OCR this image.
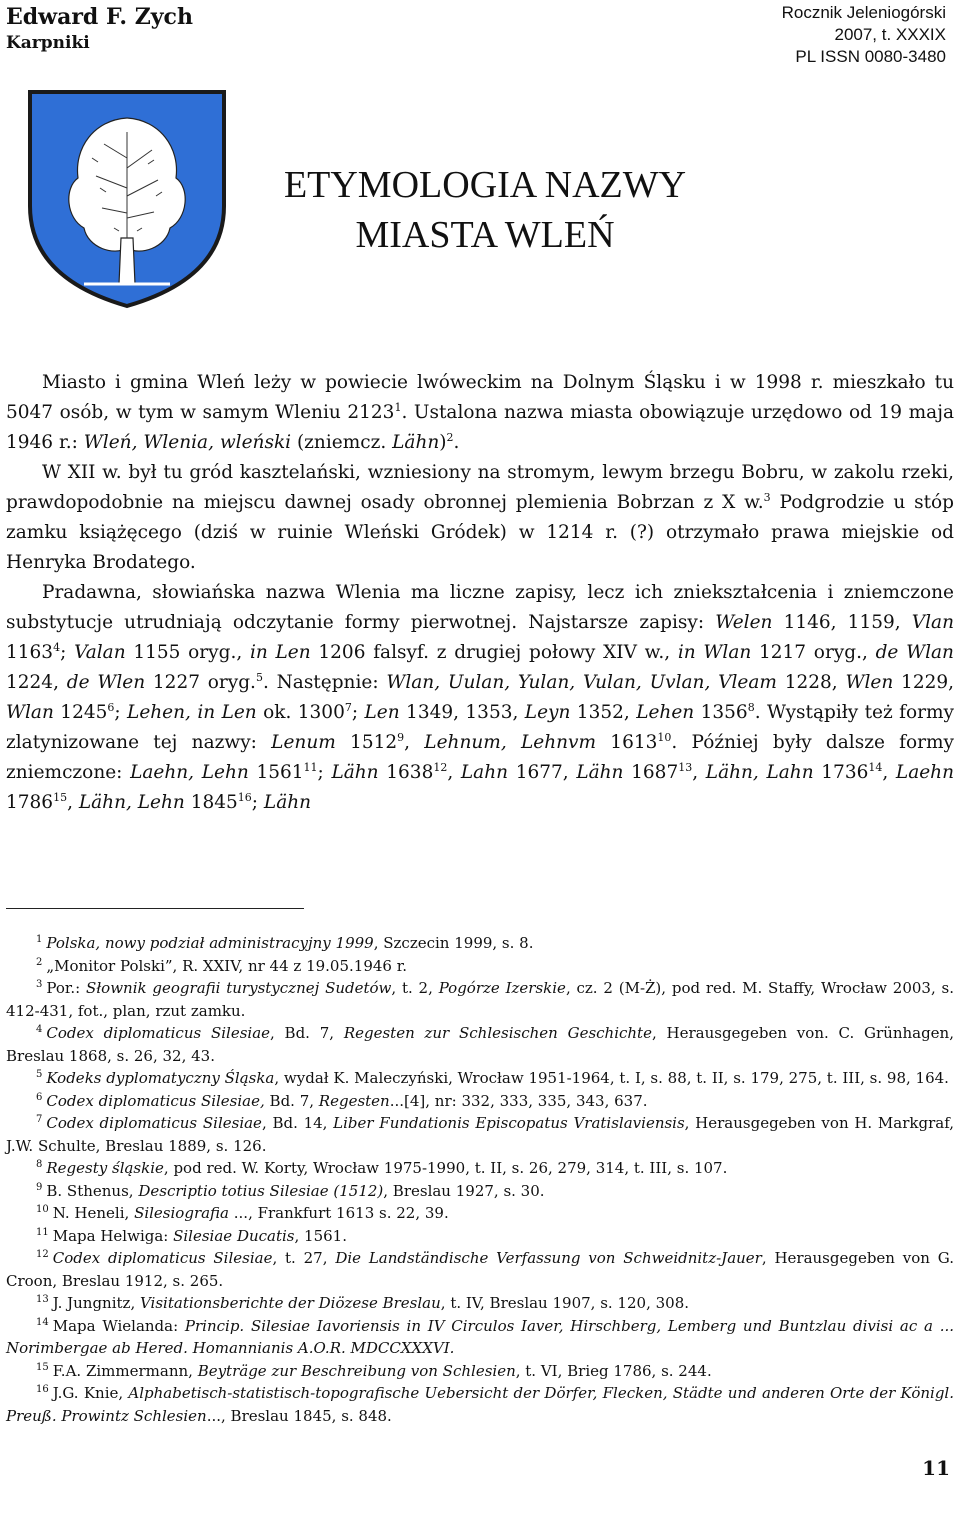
Edward F. Zych
Karpniki
Rocznik Jeleniogórski
2007, t. XXXIX
PL ISSN 0080-3480
ETYMOLOGIA NAZWY
MIASTA WLEŃ

Miasto i gmina Wleń leży w powiecie lwóweckim na Dolnym Śląsku i w 1998 r. mieszkało tu 5047 osób, w tym w samym Wleniu 2123$^1$. Ustalona nazwa miasta obowiązuje urzędowo od 19 maja 1946 r.: Wleń, Wlenia, wleński (zniemcz. Lähn)$^2$.

W XII w. był tu gród kasztelański, wzniesiony na stromym, lewym brzegu Bobru, w zakolu rzeki, prawdopodobnie na miejscu dawnej osady obronnej plemienia Bobrzan z X w.$^3$ Podgrodzie u stóp zamku książęcego (dziś w ruinie Wleński Gródek) w 1214 r. (?) otrzymało prawa miejskie od Henryka Brodatego.

Pradawna, słowiańska nazwa Wlenia ma liczne zapisy, lecz ich zniekształcenia i zniemczone substytucje utrudniają odczytanie formy pierwotnej. Najstarsze zapisy: Welen 1146, 1159, Vlan 1163$^4$; Valan 1155 oryg., in Len 1206 falsyf. z drugiej połowy XIV w., in Wlan 1217 oryg., de Wlan 1224, de Wlen 1227 oryg.$^5$. Następnie: Wlan, Uulan, Yulan, Vulan, Uvlan, Vleam 1228, Wlen 1229, Wlan 1245$^6$; Lehen, in Len ok. 1300$^7$; Len 1349, 1353, Leyn 1352, Lehen 1356$^8$. Wystąpiły też formy zlatynizowane tej nazwy: Lenum 1512$^9$, Lehnum, Lehnvm 1613$^{10}$. Później były dalsze formy zniemczone: Laehn, Lehn 1561$^{11}$; Lähn 1638$^{12}$, Lahn 1677, Lähn 1687$^{13}$, Lähn, Lahn 1736$^{14}$, Laehn 1786$^{15}$, Lähn, Lehn 1845$^{16}$; Lähn

$^1$ Polska, nowy podział administracyjny 1999, Szczecin 1999, s. 8.
$^2$ „Monitor Polski”, R. XXIV, nr 44 z 19.05.1946 r.
$^3$ Por.: Słownik geografii turystycznej Sudetów, t. 2, Pogórze Izerskie, cz. 2 (M-Ż), pod red. M. Staffy, Wrocław 2003, s. 412-431, fot., plan, rzut zamku.
$^4$ Codex diplomaticus Silesiae, Bd. 7, Regesten zur Schlesischen Geschichte, Herausgegeben von. C. Grünhagen, Breslau 1868, s. 26, 32, 43.
$^5$ Kodeks dyplomatyczny Śląska, wydał K. Maleczyński, Wrocław 1951-1964, t. I, s. 88, t. II, s. 179, 275, t. III, s. 98, 164.
$^6$ Codex diplomaticus Silesiae, Bd. 7, Regesten...[4], nr: 332, 333, 335, 343, 637.
$^7$ Codex diplomaticus Silesiae, Bd. 14, Liber Fundationis Episcopatus Vratislaviensis, Herausgegeben von H. Markgraf, J.W. Schulte, Breslau 1889, s. 126.
$^8$ Regesty śląskie, pod red. W. Korty, Wrocław 1975-1990, t. II, s. 26, 279, 314, t. III, s. 107.
$^9$ B. Sthenus, Descriptio totius Silesiae (1512), Breslau 1927, s. 30.
$^{10}$ N. Heneli, Silesiografia ..., Frankfurt 1613 s. 22, 39.
$^{11}$ Mapa Helwiga: Silesiae Ducatis, 1561.
$^{12}$ Codex diplomaticus Silesiae, t. 27, Die Landständische Verfassung von Schweidnitz-Jauer, Herausgegeben von G. Croon, Breslau 1912, s. 265.
$^{13}$ J. Jungnitz, Visitationsberichte der Diözese Breslau, t. IV, Breslau 1907, s. 120, 308.
$^{14}$ Mapa Wielanda: Princip. Silesiae Iavoriensis in IV Circulos Iaver, Hirschberg, Lemberg und Buntzlau divisi ac a ... Norimbergae ab Hered. Homannianis A.O.R. MDCCXXXVI.
$^{15}$ F.A. Zimmermann, Beyträge zur Beschreibung von Schlesien, t. VI, Brieg 1786, s. 244.
$^{16}$ J.G. Knie, Alphabetisch-statistisch-topografische Uebersicht der Dörfer, Flecken, Städte und anderen Orte der Königl. Preuß. Prowintz Schlesien..., Breslau 1845, s. 848.
11
